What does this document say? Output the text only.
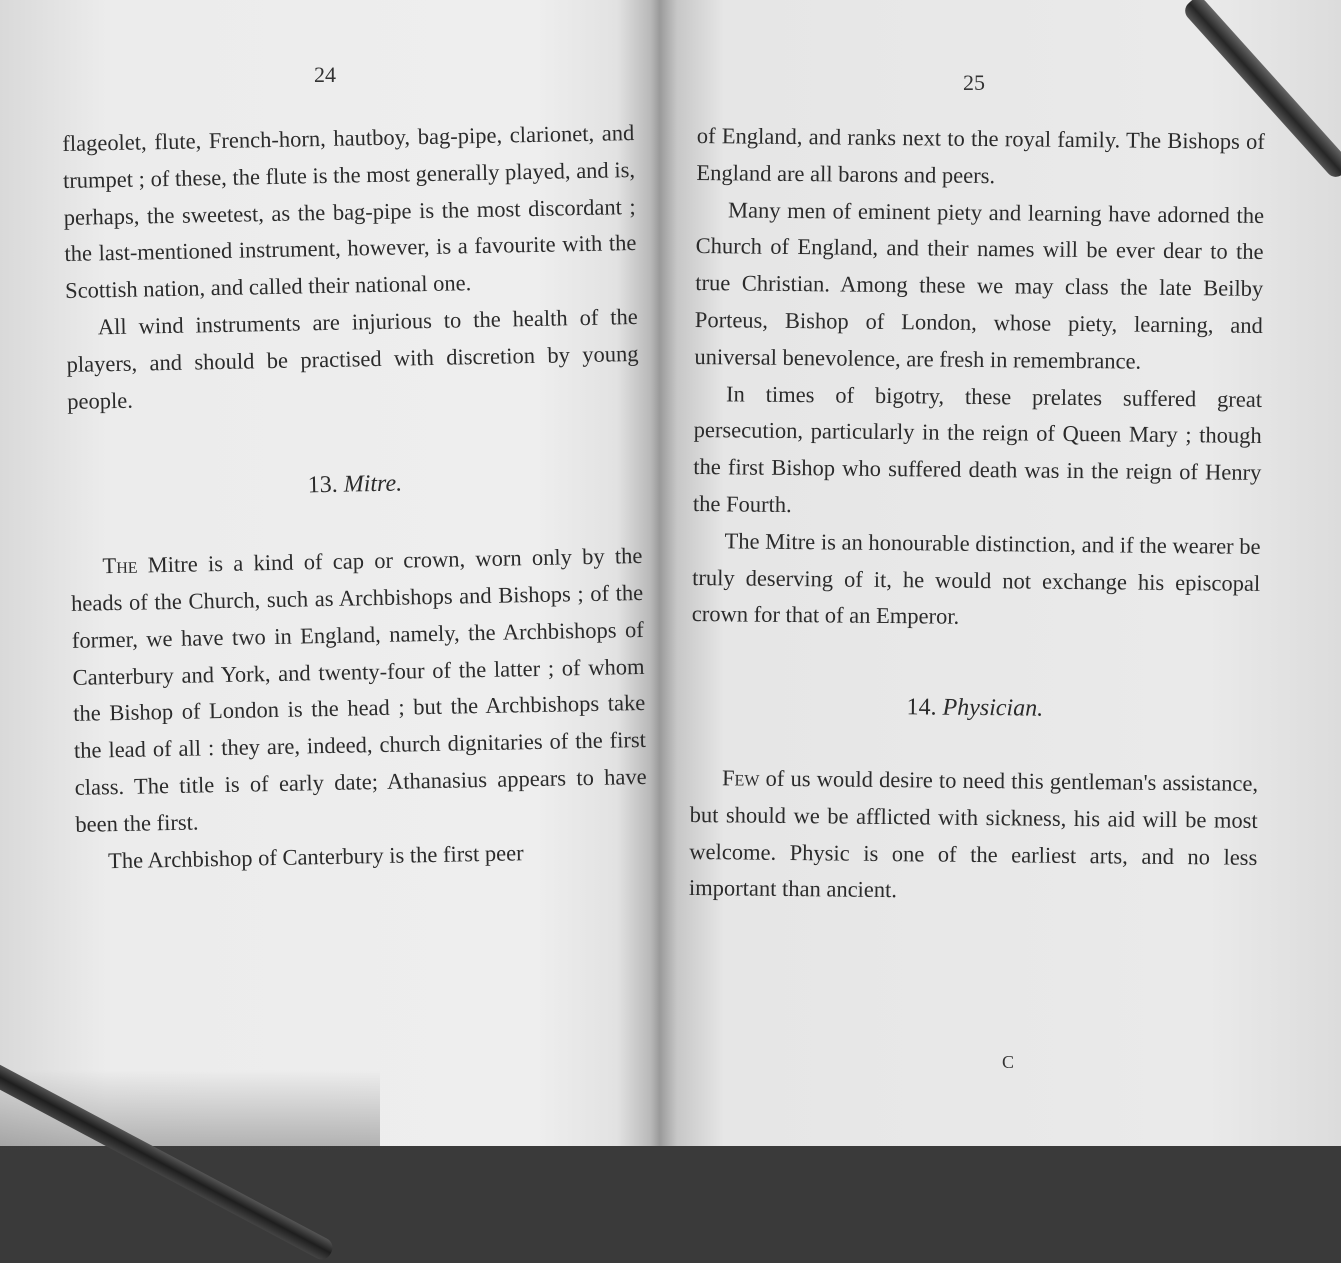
24

flageolet, flute, French-horn, hautboy, bag-pipe, clarionet, and trumpet ; of these, the flute is the most generally played, and is, perhaps, the sweetest, as the bag-pipe is the most discordant ; the last-mentioned instrument, however, is a favourite with the Scottish nation, and called their national one.

All wind instruments are injurious to the health of the players, and should be practised with discretion by young people.

13. Mitre.

The Mitre is a kind of cap or crown, worn only by the heads of the Church, such as Archbishops and Bishops ; of the former, we have two in England, namely, the Archbishops of Canterbury and York, and twenty-four of the latter ; of whom the Bishop of London is the head ; but the Archbishops take the lead of all : they are, indeed, church dignitaries of the first class. The title is of early date; Athanasius appears to have been the first.

The Archbishop of Canterbury is the first peer

25

of England, and ranks next to the royal family. The Bishops of England are all barons and peers.

Many men of eminent piety and learning have adorned the Church of England, and their names will be ever dear to the true Christian. Among these we may class the late Beilby Porteus, Bishop of London, whose piety, learning, and universal benevolence, are fresh in remembrance.

In times of bigotry, these prelates suffered great persecution, particularly in the reign of Queen Mary ; though the first Bishop who suffered death was in the reign of Henry the Fourth.

The Mitre is an honourable distinction, and if the wearer be truly deserving of it, he would not exchange his episcopal crown for that of an Emperor.

14. Physician.

Few of us would desire to need this gentleman's assistance, but should we be afflicted with sickness, his aid will be most welcome. Physic is one of the earliest arts, and no less important than ancient.

C
